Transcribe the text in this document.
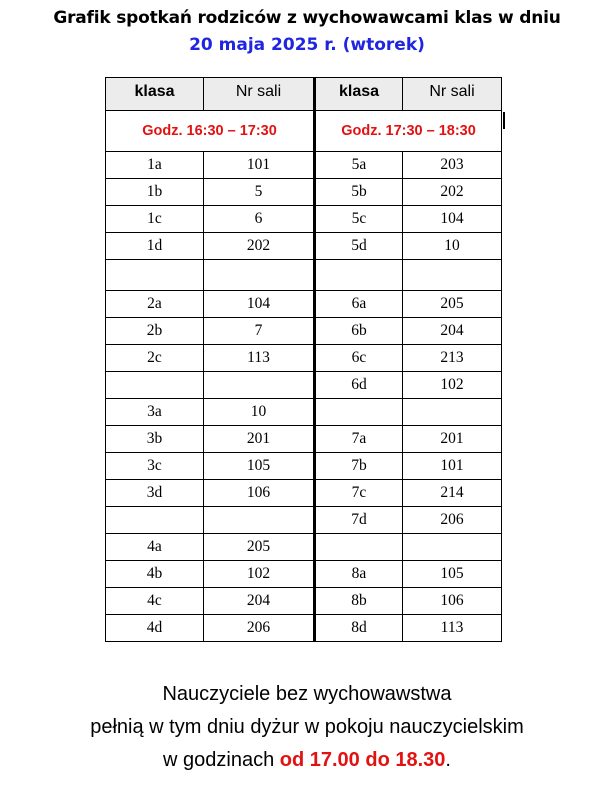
Grafik spotkań rodziców z wychowawcami klas w dniu
20 maja 2025 r. (wtorek)
klasa	Nr sali	klasa	Nr sali
Godz. 16:30 – 17:30		Godz. 17:30 – 18:30	
1a	101	5a	203
1b	5	5b	202
1c	6	5c	104
1d	202	5d	10

2a	104	6a	205
2b	7	6b	204
2c	113	6c	213
		6d	102
3a	10		
3b	201	7a	201
3c	105	7b	101
3d	106	7c	214
		7d	206
4a	205		
4b	102	8a	105
4c	204	8b	106
4d	206	8d	113
Nauczyciele bez wychowawstwa
pełnią w tym dniu dyżur w pokoju nauczycielskim
w godzinach od 17.00 do 18.30.
